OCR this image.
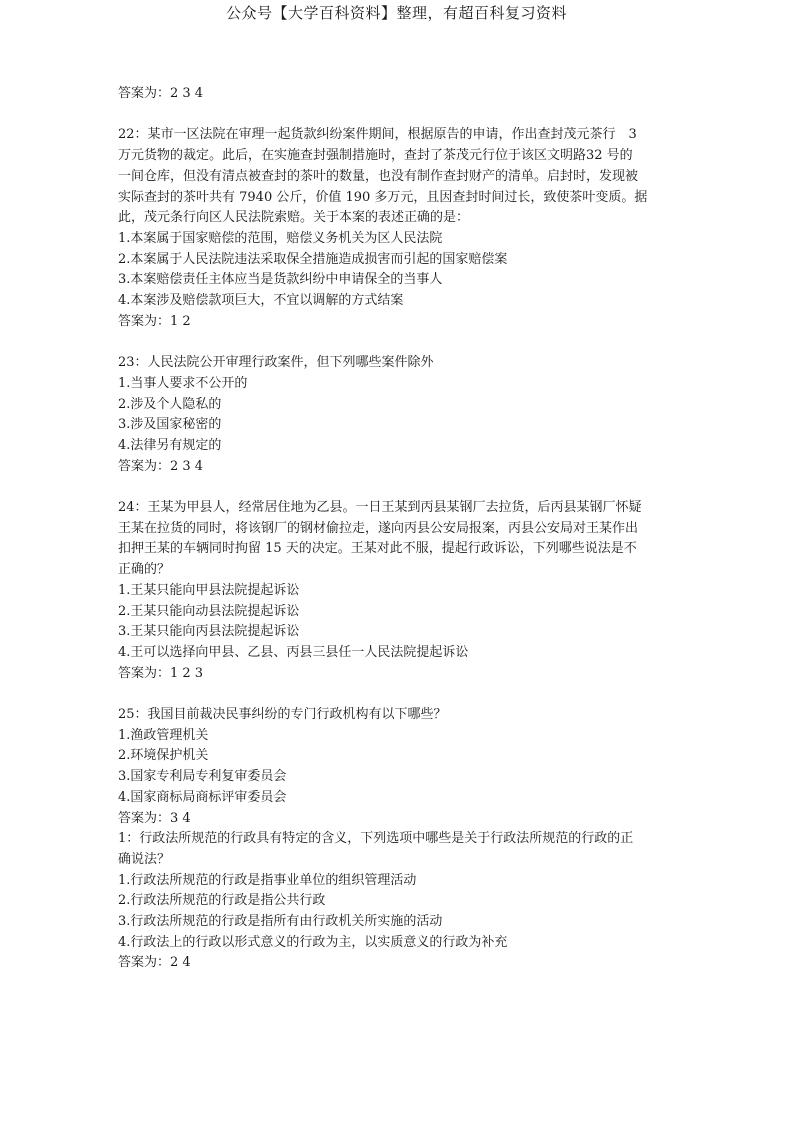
公众号【大学百科资料】整理，有超百科复习资料
答案为：2 3 4
22：某市一区法院在审理一起货款纠纷案件期间，根据原告的申请，作出查封茂元茶行　3
万元货物的裁定。此后，在实施查封强制措施时，查封了茶茂元行位于该区文明路32 号的
一间仓库，但没有清点被查封的茶叶的数量，也没有制作查封财产的清单。启封时，发现被
实际查封的茶叶共有 7940 公斤，价值 190 多万元，且因查封时间过长，致使茶叶变质。据
此，茂元条行向区人民法院索赔。关于本案的表述正确的是：
1.本案属于国家赔偿的范围，赔偿义务机关为区人民法院
2.本案属于人民法院违法采取保全措施造成损害而引起的国家赔偿案
3.本案赔偿责任主体应当是货款纠纷中申请保全的当事人
4.本案涉及赔偿款项巨大，不宜以调解的方式结案
答案为：1 2
23：人民法院公开审理行政案件，但下列哪些案件除外
1.当事人要求不公开的
2.涉及个人隐私的
3.涉及国家秘密的
4.法律另有规定的
答案为：2 3 4
24：王某为甲县人，经常居住地为乙县。一日王某到丙县某钢厂去拉货，后丙县某钢厂怀疑
王某在拉货的同时，将该钢厂的钢材偷拉走，遂向丙县公安局报案，丙县公安局对王某作出
扣押王某的车辆同时拘留 15 天的决定。王某对此不服，提起行政诉讼，下列哪些说法是不
正确的？
1.王某只能向甲县法院提起诉讼
2.王某只能向动县法院提起诉讼
3.王某只能向丙县法院提起诉讼
4.王可以选择向甲县、乙县、丙县三县任一人民法院提起诉讼
答案为：1 2 3
25：我国目前裁决民事纠纷的专门行政机构有以下哪些？
1.渔政管理机关
2.环境保护机关
3.国家专利局专利复审委员会
4.国家商标局商标评审委员会
答案为：3 4
1：行政法所规范的行政具有特定的含义，下列选项中哪些是关于行政法所规范的行政的正
确说法？
1.行政法所规范的行政是指事业单位的组织管理活动
2.行政法所规范的行政是指公共行政
3.行政法所规范的行政是指所有由行政机关所实施的活动
4.行政法上的行政以形式意义的行政为主，以实质意义的行政为补充
答案为：2 4
